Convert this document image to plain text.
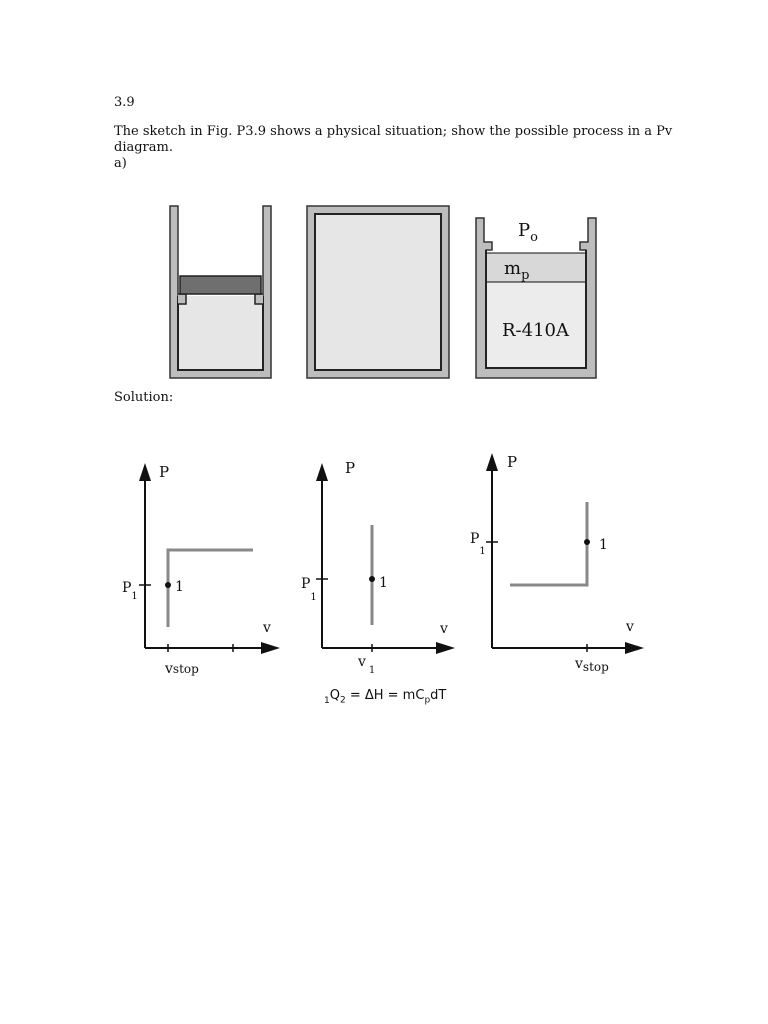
3.9
The sketch in Fig. P3.9 shows a physical situation; show the possible process in a Pv
diagram.
a)
$P_o$
$m_p$
R-410A
Solution:
P
v
$P_1$
1
vstop
P
v
$P_1$
1
$v_1$
P
v
$P_1$	1
vstop
$_1Q_2 = \Delta H = mC_pdT$
